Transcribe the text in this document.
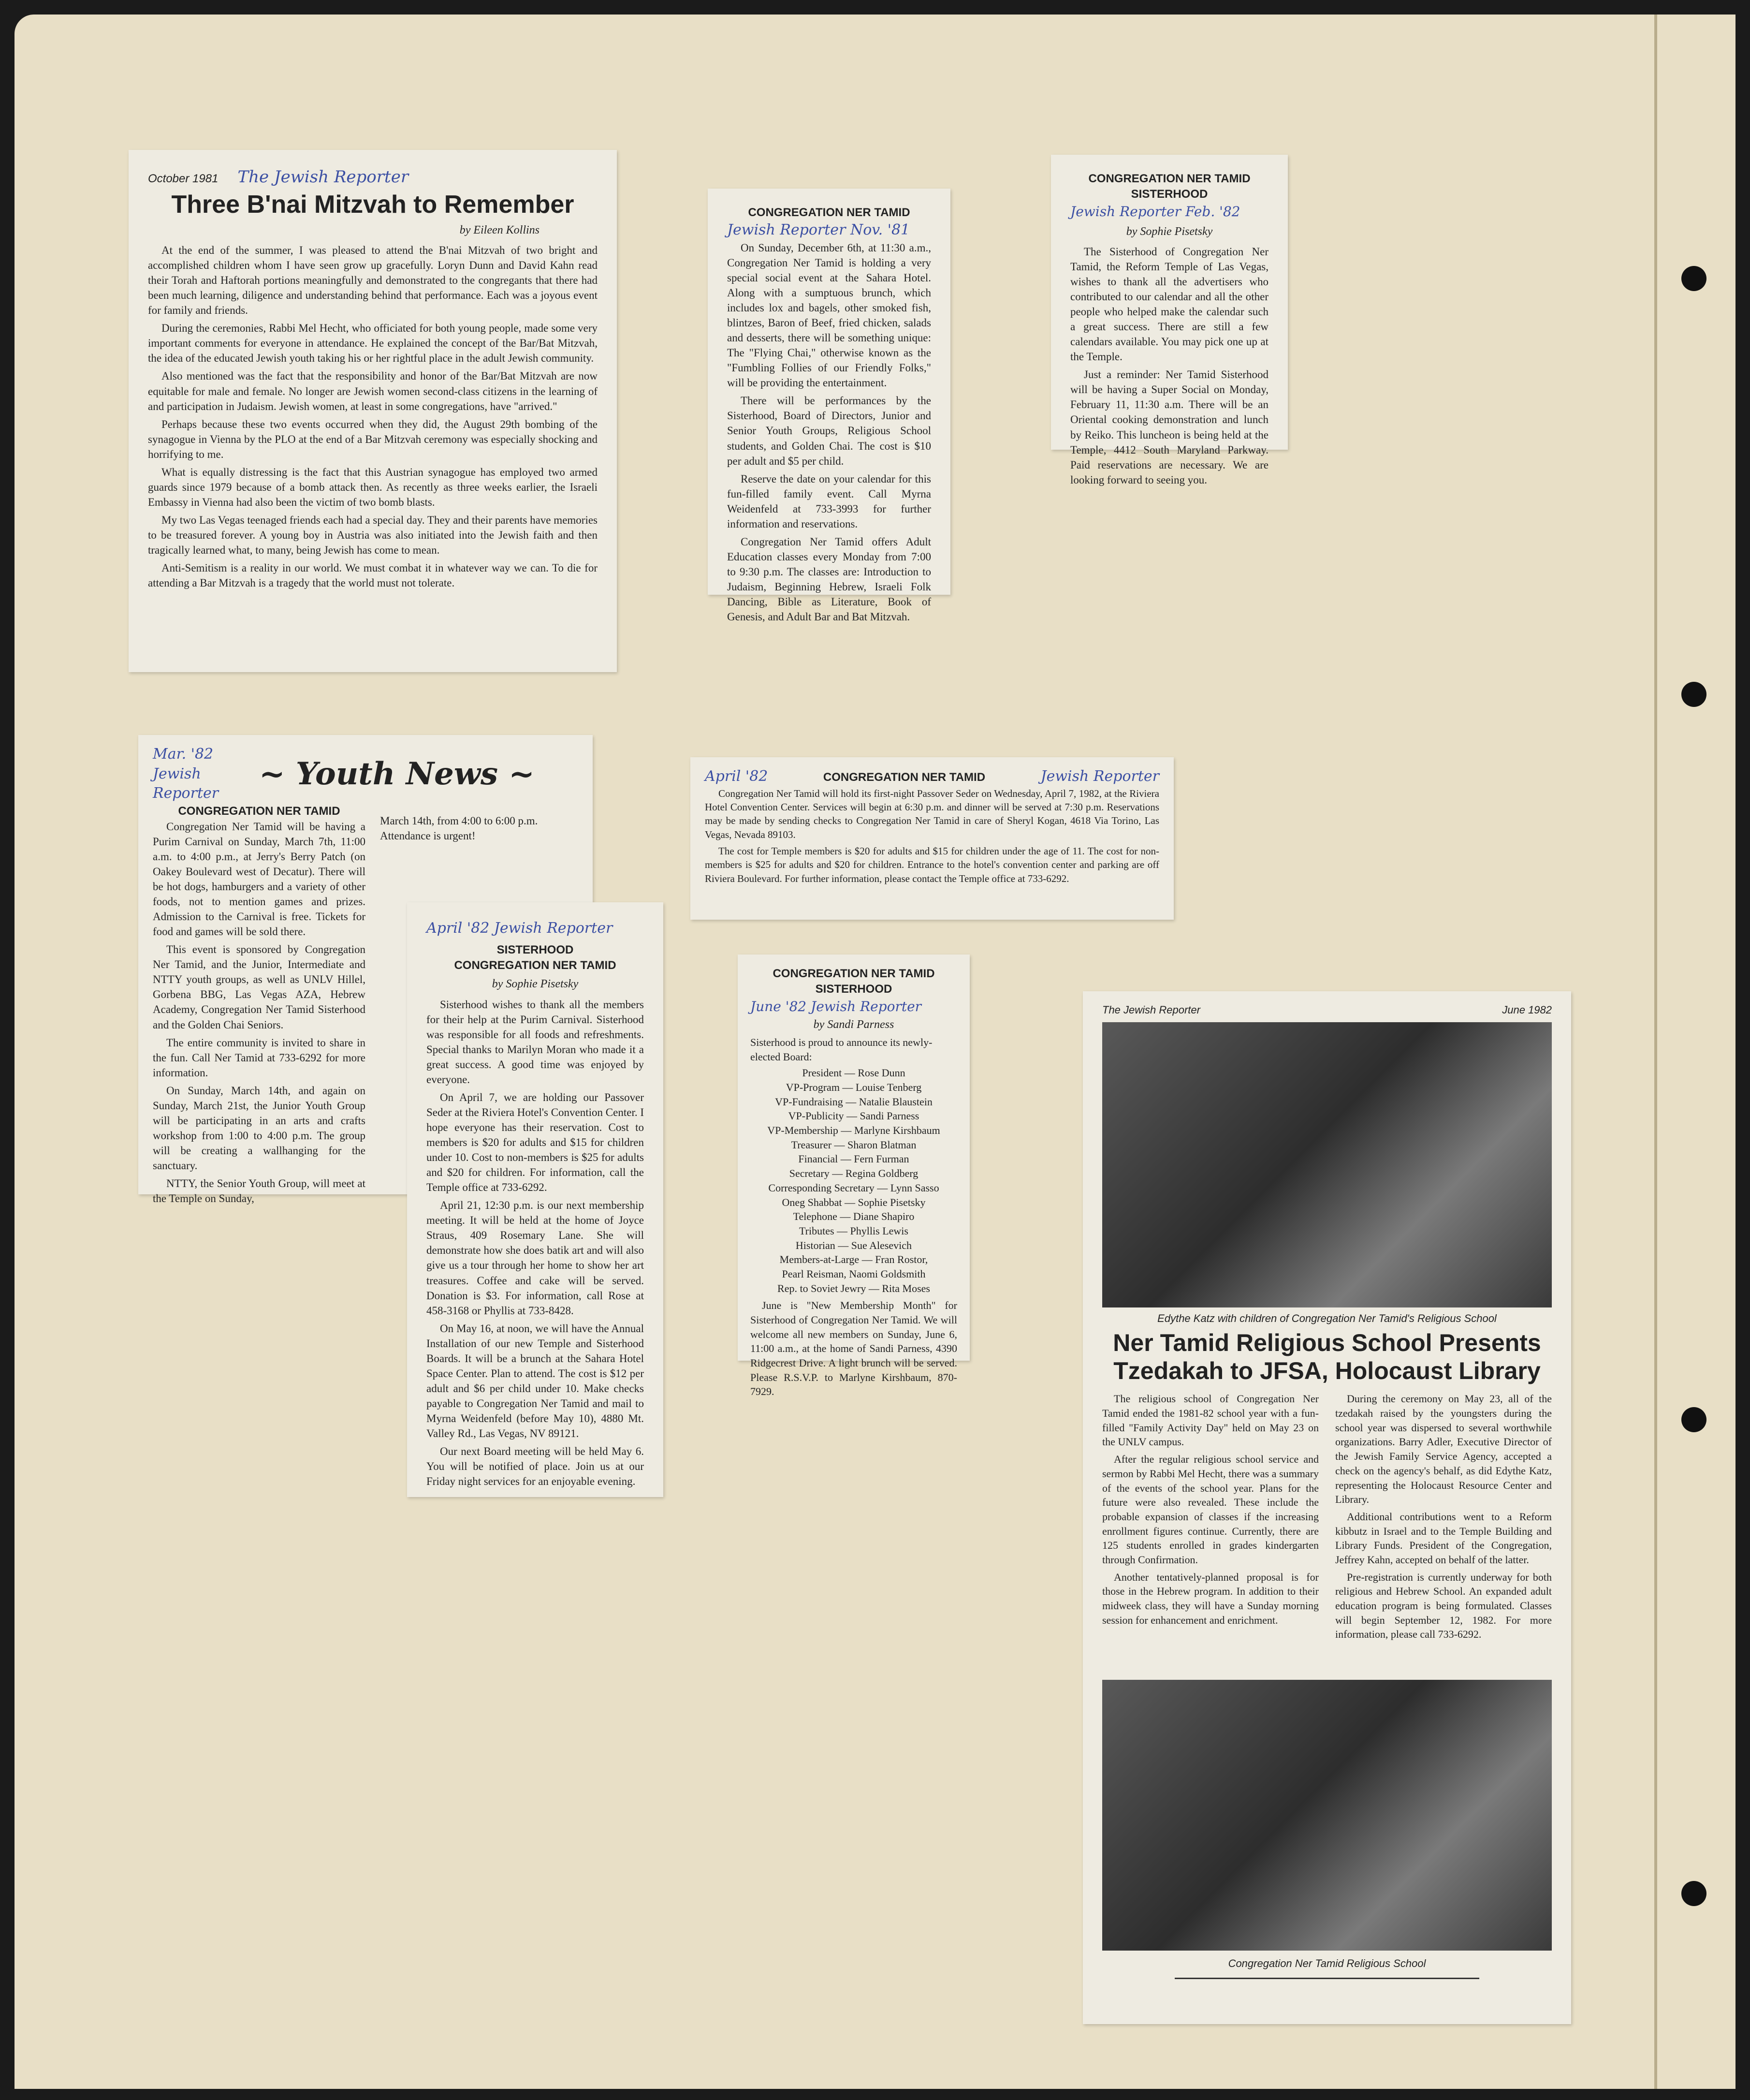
October 1981 The Jewish Reporter
Three B'nai Mitzvah to Remember
by Eileen Kollins

At the end of the summer, I was pleased to attend the B'nai Mitzvah of two bright and accomplished children whom I have seen grow up gracefully. Loryn Dunn and David Kahn read their Torah and Haftorah portions meaningfully and demonstrated to the congregants that there had been much learning, diligence and understanding behind that performance. Each was a joyous event for family and friends.

During the ceremonies, Rabbi Mel Hecht, who officiated for both young people, made some very important comments for everyone in attendance. He explained the concept of the Bar/Bat Mitzvah, the idea of the educated Jewish youth taking his or her rightful place in the adult Jewish community.

Also mentioned was the fact that the responsibility and honor of the Bar/Bat Mitzvah are now equitable for male and female. No longer are Jewish women second-class citizens in the learning of and participation in Judaism. Jewish women, at least in some congregations, have "arrived."

Perhaps because these two events occurred when they did, the August 29th bombing of the synagogue in Vienna by the PLO at the end of a Bar Mitzvah ceremony was especially shocking and horrifying to me.

What is equally distressing is the fact that this Austrian synagogue has employed two armed guards since 1979 because of a bomb attack then. As recently as three weeks earlier, the Israeli Embassy in Vienna had also been the victim of two bomb blasts.

My two Las Vegas teenaged friends each had a special day. They and their parents have memories to be treasured forever. A young boy in Austria was also initiated into the Jewish faith and then tragically learned what, to many, being Jewish has come to mean.

Anti-Semitism is a reality in our world. We must combat it in whatever way we can. To die for attending a Bar Mitzvah is a tragedy that the world must not tolerate.

CONGREGATION NER TAMID
Jewish Reporter Nov. '81

On Sunday, December 6th, at 11:30 a.m., Congregation Ner Tamid is holding a very special social event at the Sahara Hotel. Along with a sumptuous brunch, which includes lox and bagels, other smoked fish, blintzes, Baron of Beef, fried chicken, salads and desserts, there will be something unique: The "Flying Chai," otherwise known as the "Fumbling Follies of our Friendly Folks," will be providing the entertainment.

There will be performances by the Sisterhood, Board of Directors, Junior and Senior Youth Groups, Religious School students, and Golden Chai. The cost is $10 per adult and $5 per child.

Reserve the date on your calendar for this fun-filled family event. Call Myrna Weidenfeld at 733-3993 for further information and reservations.

Congregation Ner Tamid offers Adult Education classes every Monday from 7:00 to 9:30 p.m. The classes are: Introduction to Judaism, Beginning Hebrew, Israeli Folk Dancing, Bible as Literature, Book of Genesis, and Adult Bar and Bat Mitzvah.

CONGREGATION NER TAMID
SISTERHOOD
Jewish Reporter Feb. '82
by Sophie Pisetsky

The Sisterhood of Congregation Ner Tamid, the Reform Temple of Las Vegas, wishes to thank all the advertisers who contributed to our calendar and all the other people who helped make the calendar such a great success. There are still a few calendars available. You may pick one up at the Temple.

Just a reminder: Ner Tamid Sisterhood will be having a Super Social on Monday, February 11, 11:30 a.m. There will be an Oriental cooking demonstration and lunch by Reiko. This luncheon is being held at the Temple, 4412 South Maryland Parkway. Paid reservations are necessary. We are looking forward to seeing you.

Mar. '82 Jewish Reporter
~ Youth News ~
CONGREGATION NER TAMID

Congregation Ner Tamid will be having a Purim Carnival on Sunday, March 7th, 11:00 a.m. to 4:00 p.m., at Jerry's Berry Patch (on Oakey Boulevard west of Decatur). There will be hot dogs, hamburgers and a variety of other foods, not to mention games and prizes. Admission to the Carnival is free. Tickets for food and games will be sold there.

This event is sponsored by Congregation Ner Tamid, and the Junior, Intermediate and NTTY youth groups, as well as UNLV Hillel, Gorbena BBG, Las Vegas AZA, Hebrew Academy, Congregation Ner Tamid Sisterhood and the Golden Chai Seniors.

The entire community is invited to share in the fun. Call Ner Tamid at 733-6292 for more information.

On Sunday, March 14th, and again on Sunday, March 21st, the Junior Youth Group will be participating in an arts and crafts workshop from 1:00 to 4:00 p.m. The group will be creating a wallhanging for the sanctuary.

NTTY, the Senior Youth Group, will meet at the Temple on Sunday,

March 14th, from 4:00 to 6:00 p.m. Attendance is urgent!

April '82	CONGREGATION NER TAMID	Jewish Reporter

Congregation Ner Tamid will hold its first-night Passover Seder on Wednesday, April 7, 1982, at the Riviera Hotel Convention Center. Services will begin at 6:30 p.m. and dinner will be served at 7:30 p.m. Reservations may be made by sending checks to Congregation Ner Tamid in care of Sheryl Kogan, 4618 Via Torino, Las Vegas, Nevada 89103.

The cost for Temple members is $20 for adults and $15 for children under the age of 11. The cost for non-members is $25 for adults and $20 for children. Entrance to the hotel's convention center and parking are off Riviera Boulevard. For further information, please contact the Temple office at 733-6292.

April '82 Jewish Reporter
SISTERHOOD
CONGREGATION NER TAMID
by Sophie Pisetsky

Sisterhood wishes to thank all the members for their help at the Purim Carnival. Sisterhood was responsible for all foods and refreshments. Special thanks to Marilyn Moran who made it a great success. A good time was enjoyed by everyone.

On April 7, we are holding our Passover Seder at the Riviera Hotel's Convention Center. I hope everyone has their reservation. Cost to members is $20 for adults and $15 for children under 10. Cost to non-members is $25 for adults and $20 for children. For information, call the Temple office at 733-6292.

April 21, 12:30 p.m. is our next membership meeting. It will be held at the home of Joyce Straus, 409 Rosemary Lane. She will demonstrate how she does batik art and will also give us a tour through her home to show her art treasures. Coffee and cake will be served. Donation is $3. For information, call Rose at 458-3168 or Phyllis at 733-8428.

On May 16, at noon, we will have the Annual Installation of our new Temple and Sisterhood Boards. It will be a brunch at the Sahara Hotel Space Center. Plan to attend. The cost is $12 per adult and $6 per child under 10. Make checks payable to Congregation Ner Tamid and mail to Myrna Weidenfeld (before May 10), 4880 Mt. Valley Rd., Las Vegas, NV 89121.

Our next Board meeting will be held May 6. You will be notified of place. Join us at our Friday night services for an enjoyable evening.

CONGREGATION NER TAMID
SISTERHOOD
June '82 Jewish Reporter
by Sandi Parness

Sisterhood is proud to announce its newly-elected Board:

President — Rose Dunn
VP-Program — Louise Tenberg
VP-Fundraising — Natalie Blaustein
VP-Publicity — Sandi Parness
VP-Membership — Marlyne Kirshbaum
Treasurer — Sharon Blatman
Financial — Fern Furman
Secretary — Regina Goldberg
Corresponding Secretary — Lynn Sasso
Oneg Shabbat — Sophie Pisetsky
Telephone — Diane Shapiro
Tributes — Phyllis Lewis
Historian — Sue Alesevich
Members-at-Large — Fran Rostor,
Pearl Reisman, Naomi Goldsmith
Rep. to Soviet Jewry — Rita Moses

June is "New Membership Month" for Sisterhood of Congregation Ner Tamid. We will welcome all new members on Sunday, June 6, 11:00 a.m., at the home of Sandi Parness, 4390 Ridgecrest Drive. A light brunch will be served. Please R.S.V.P. to Marlyne Kirshbaum, 870-7929.

The Jewish Reporter	June 1982
Edythe Katz with children of Congregation Ner Tamid's Religious School
Ner Tamid Religious School Presents Tzedakah to JFSA, Holocaust Library

The religious school of Congregation Ner Tamid ended the 1981-82 school year with a fun-filled "Family Activity Day" held on May 23 on the UNLV campus.

After the regular religious school service and sermon by Rabbi Mel Hecht, there was a summary of the events of the school year. Plans for the future were also revealed. These include the probable expansion of classes if the increasing enrollment figures continue. Currently, there are 125 students enrolled in grades kindergarten through Confirmation.

Another tentatively-planned proposal is for those in the Hebrew program. In addition to their midweek class, they will have a Sunday morning session for enhancement and enrichment.

During the ceremony on May 23, all of the tzedakah raised by the youngsters during the school year was dispersed to several worthwhile organizations. Barry Adler, Executive Director of the Jewish Family Service Agency, accepted a check on the agency's behalf, as did Edythe Katz, representing the Holocaust Resource Center and Library.

Additional contributions went to a Reform kibbutz in Israel and to the Temple Building and Library Funds. President of the Congregation, Jeffrey Kahn, accepted on behalf of the latter.

Pre-registration is currently underway for both religious and Hebrew School. An expanded adult education program is being formulated. Classes will begin September 12, 1982. For more information, please call 733-6292.

Congregation Ner Tamid Religious School
